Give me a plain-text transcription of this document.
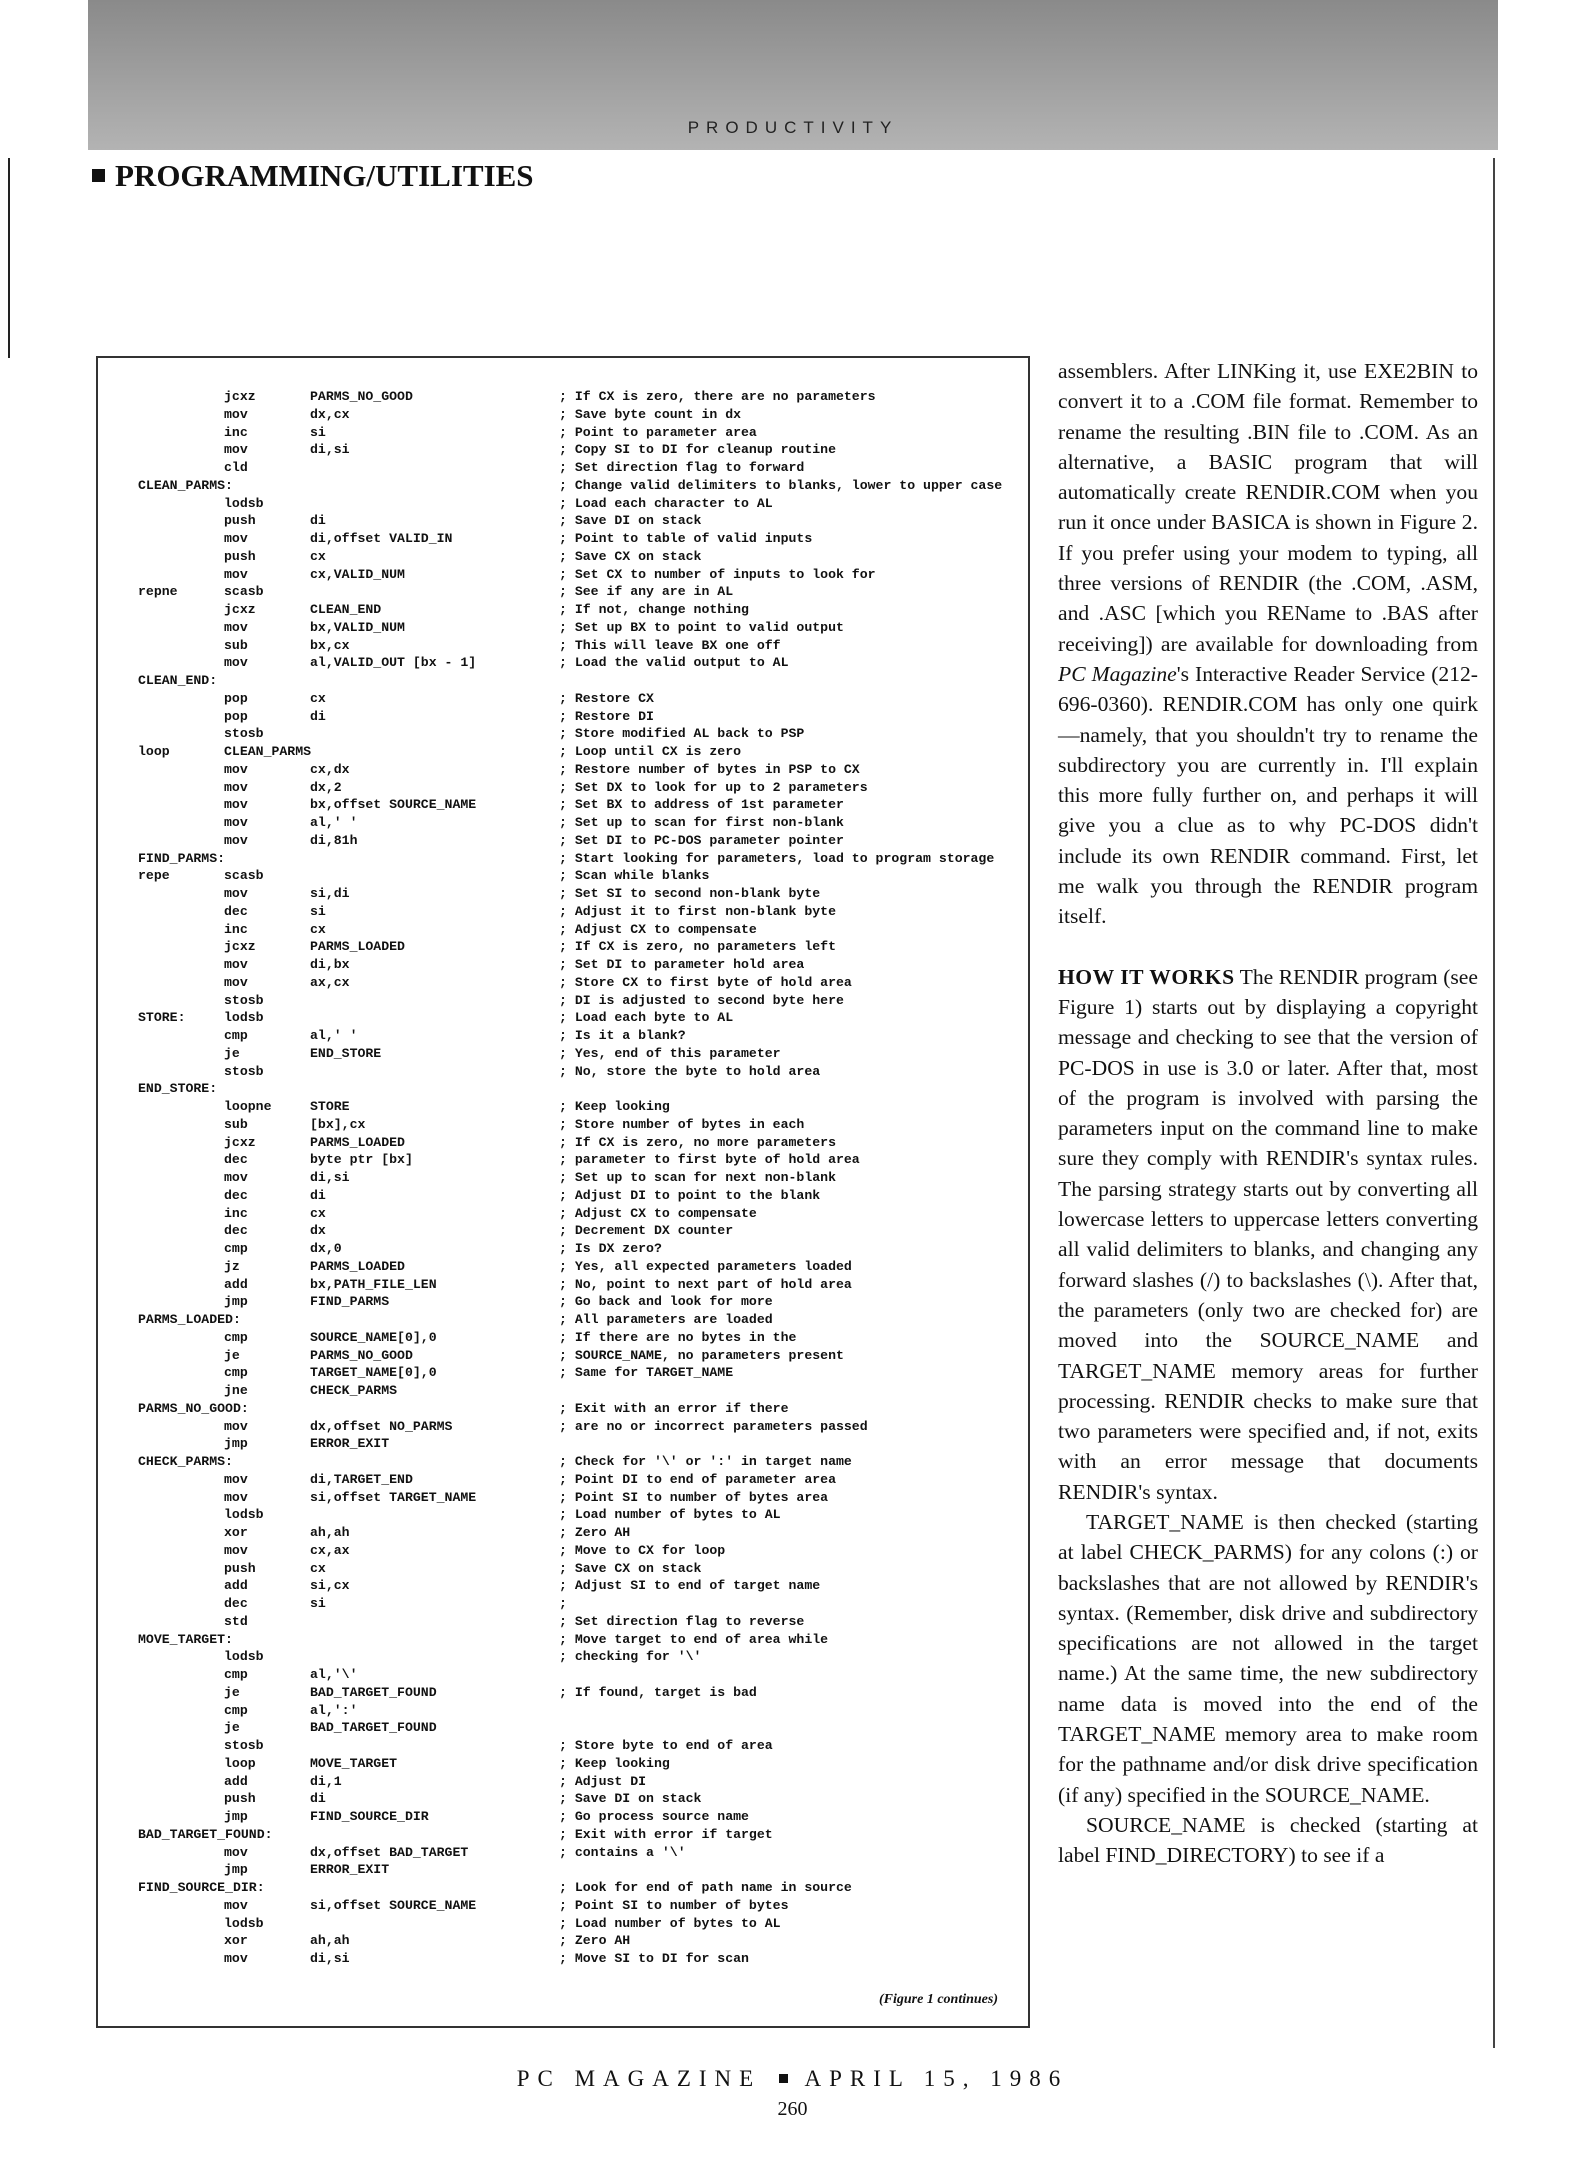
PRODUCTIVITY
PROGRAMMING/UTILITIES
jcxz	PARMS_NO_GOOD	; If CX is zero, there are no parameters
mov	dx,cx	; Save byte count in dx
inc	si	; Point to parameter area
mov	di,si	; Copy SI to DI for cleanup routine
cld	; Set direction flag to forward
CLEAN_PARMS:	; Change valid delimiters to blanks, lower to upper case
lodsb	; Load each character to AL
push	di	; Save DI on stack
mov	di,offset VALID_IN	; Point to table of valid inputs
push	cx	; Save CX on stack
mov	cx,VALID_NUM	; Set CX to number of inputs to look for
repne	scasb	; See if any are in AL
jcxz	CLEAN_END	; If not, change nothing
mov	bx,VALID_NUM	; Set up BX to point to valid output
sub	bx,cx	; This will leave BX one off
mov	al,VALID_OUT [bx - 1]	; Load the valid output to AL
CLEAN_END:
pop	cx	; Restore CX
pop	di	; Restore DI
stosb	; Store modified AL back to PSP
loop	CLEAN_PARMS	; Loop until CX is zero
mov	cx,dx	; Restore number of bytes in PSP to CX
mov	dx,2	; Set DX to look for up to 2 parameters
mov	bx,offset SOURCE_NAME	; Set BX to address of 1st parameter
mov	al,' '	; Set up to scan for first non-blank
mov	di,81h	; Set DI to PC-DOS parameter pointer
FIND_PARMS:	; Start looking for parameters, load to program storage
repe	scasb	; Scan while blanks
mov	si,di	; Set SI to second non-blank byte
dec	si	; Adjust it to first non-blank byte
inc	cx	; Adjust CX to compensate
jcxz	PARMS_LOADED	; If CX is zero, no parameters left
mov	di,bx	; Set DI to parameter hold area
mov	ax,cx	; Store CX to first byte of hold area
stosb	; DI is adjusted to second byte here
STORE:	lodsb	; Load each byte to AL
cmp	al,' '	; Is it a blank?
je	END_STORE	; Yes, end of this parameter
stosb	; No, store the byte to hold area
END_STORE:
loopne	STORE	; Keep looking
sub	[bx],cx	; Store number of bytes in each
jcxz	PARMS_LOADED	; If CX is zero, no more parameters
dec	byte ptr [bx]	; parameter to first byte of hold area
mov	di,si	; Set up to scan for next non-blank
dec	di	; Adjust DI to point to the blank
inc	cx	; Adjust CX to compensate
dec	dx	; Decrement DX counter
cmp	dx,0	; Is DX zero?
jz	PARMS_LOADED	; Yes, all expected parameters loaded
add	bx,PATH_FILE_LEN	; No, point to next part of hold area
jmp	FIND_PARMS	; Go back and look for more
PARMS_LOADED:	; All parameters are loaded
cmp	SOURCE_NAME[0],0	; If there are no bytes in the
je	PARMS_NO_GOOD	; SOURCE_NAME, no parameters present
cmp	TARGET_NAME[0],0	; Same for TARGET_NAME
jne	CHECK_PARMS
PARMS_NO_GOOD:	; Exit with an error if there
mov	dx,offset NO_PARMS	; are no or incorrect parameters passed
jmp	ERROR_EXIT
CHECK_PARMS:	; Check for '\' or ':' in target name
mov	di,TARGET_END	; Point DI to end of parameter area
mov	si,offset TARGET_NAME	; Point SI to number of bytes area
lodsb	; Load number of bytes to AL
xor	ah,ah	; Zero AH
mov	cx,ax	; Move to CX for loop
push	cx	; Save CX on stack
add	si,cx	; Adjust SI to end of target name
dec	si	;
std	; Set direction flag to reverse
MOVE_TARGET:	; Move target to end of area while
lodsb	; checking for '\'
cmp	al,'\'
je	BAD_TARGET_FOUND	; If found, target is bad
cmp	al,':'
je	BAD_TARGET_FOUND
stosb	; Store byte to end of area
loop	MOVE_TARGET	; Keep looking
add	di,1	; Adjust DI
push	di	; Save DI on stack
jmp	FIND_SOURCE_DIR	; Go process source name
BAD_TARGET_FOUND:	; Exit with error if target
mov	dx,offset BAD_TARGET	; contains a '\'
jmp	ERROR_EXIT
FIND_SOURCE_DIR:	; Look for end of path name in source
mov	si,offset SOURCE_NAME	; Point SI to number of bytes
lodsb	; Load number of bytes to AL
xor	ah,ah	; Zero AH
mov	di,si	; Move SI to DI for scan
(Figure 1 continues)

assemblers. After LINKing it, use EXE2BIN to convert it to a .COM file format. Remember to rename the resulting .BIN file to .COM. As an alternative, a BASIC program that will automatically create RENDIR.COM when you run it once under BASICA is shown in Figure 2. If you prefer using your modem to typing, all three versions of RENDIR (the .COM, .ASM, and .ASC [which you REName to .BAS after receiving]) are available for downloading from PC Magazine's Interactive Reader Service (212-696-0360). RENDIR.COM has only one quirk—namely, that you shouldn't try to rename the subdirectory you are currently in. I'll explain this more fully further on, and perhaps it will give you a clue as to why PC-DOS didn't include its own RENDIR command. First, let me walk you through the RENDIR program itself.

HOW IT WORKS The RENDIR program (see Figure 1) starts out by displaying a copyright message and checking to see that the version of PC-DOS in use is 3.0 or later. After that, most of the program is involved with parsing the parameters input on the command line to make sure they comply with RENDIR's syntax rules. The parsing strategy starts out by converting all lowercase letters to uppercase letters converting all valid delimiters to blanks, and changing any forward slashes (/) to backslashes (\). After that, the parameters (only two are checked for) are moved into the SOURCE_NAME and TARGET_NAME memory areas for further processing. RENDIR checks to make sure that two parameters were specified and, if not, exits with an error message that documents RENDIR's syntax.

TARGET_NAME is then checked (starting at label CHECK_PARMS) for any colons (:) or backslashes that are not allowed by RENDIR's syntax. (Remember, disk drive and subdirectory specifications are not allowed in the target name.) At the same time, the new subdirectory name data is moved into the end of the TARGET_NAME memory area to make room for the pathname and/or disk drive specification (if any) specified in the SOURCE_NAME.

SOURCE_NAME is checked (starting at label FIND_DIRECTORY) to see if a

PC MAGAZINE APRIL 15, 1986
260
